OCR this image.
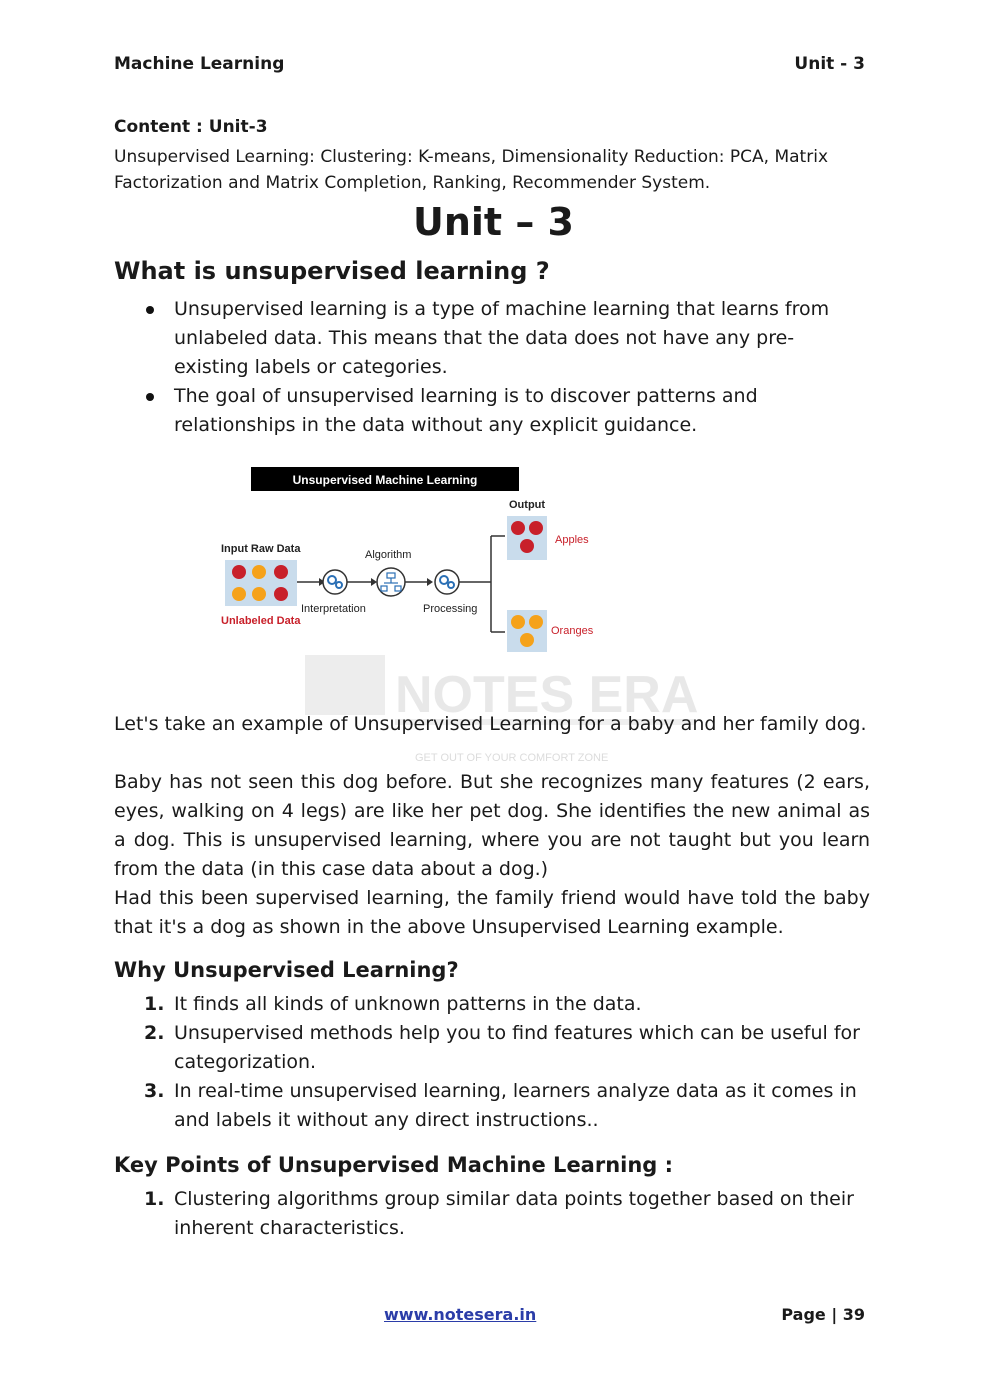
Machine Learning	Unit - 3
Content : Unit-3
Unsupervised Learning: Clustering: K-means, Dimensionality Reduction: PCA, Matrix Factorization and Matrix Completion, Ranking, Recommender System.
Unit – 3
What is unsupervised learning ?
Unsupervised learning is a type of machine learning that learns from unlabeled data. This means that the data does not have any pre-existing labels or categories.
The goal of unsupervised learning is to discover patterns and relationships in the data without any explicit guidance.
Unsupervised Machine Learning
Output
Input Raw Data	Algorithm
Interpretation	Processing
Unlabeled Data
Apples
Oranges
NOTES ERA
GET OUT OF YOUR COMFORT ZONE
Let's take an example of Unsupervised Learning for a baby and her family dog.
Baby has not seen this dog before. But she recognizes many features (2 ears, eyes, walking on 4 legs) are like her pet dog. She identifies the new animal as a dog. This is unsupervised learning, where you are not taught but you learn from the data (in this case data about a dog.)
Had this been supervised learning, the family friend would have told the baby that it's a dog as shown in the above Unsupervised Learning example.
Why Unsupervised Learning?
1. It finds all kinds of unknown patterns in the data.
2. Unsupervised methods help you to find features which can be useful for categorization.
3. In real-time unsupervised learning, learners analyze data as it comes in and labels it without any direct instructions..
Key Points of Unsupervised Machine Learning :
1. Clustering algorithms group similar data points together based on their inherent characteristics.
www.notesera.in	Page | 39
